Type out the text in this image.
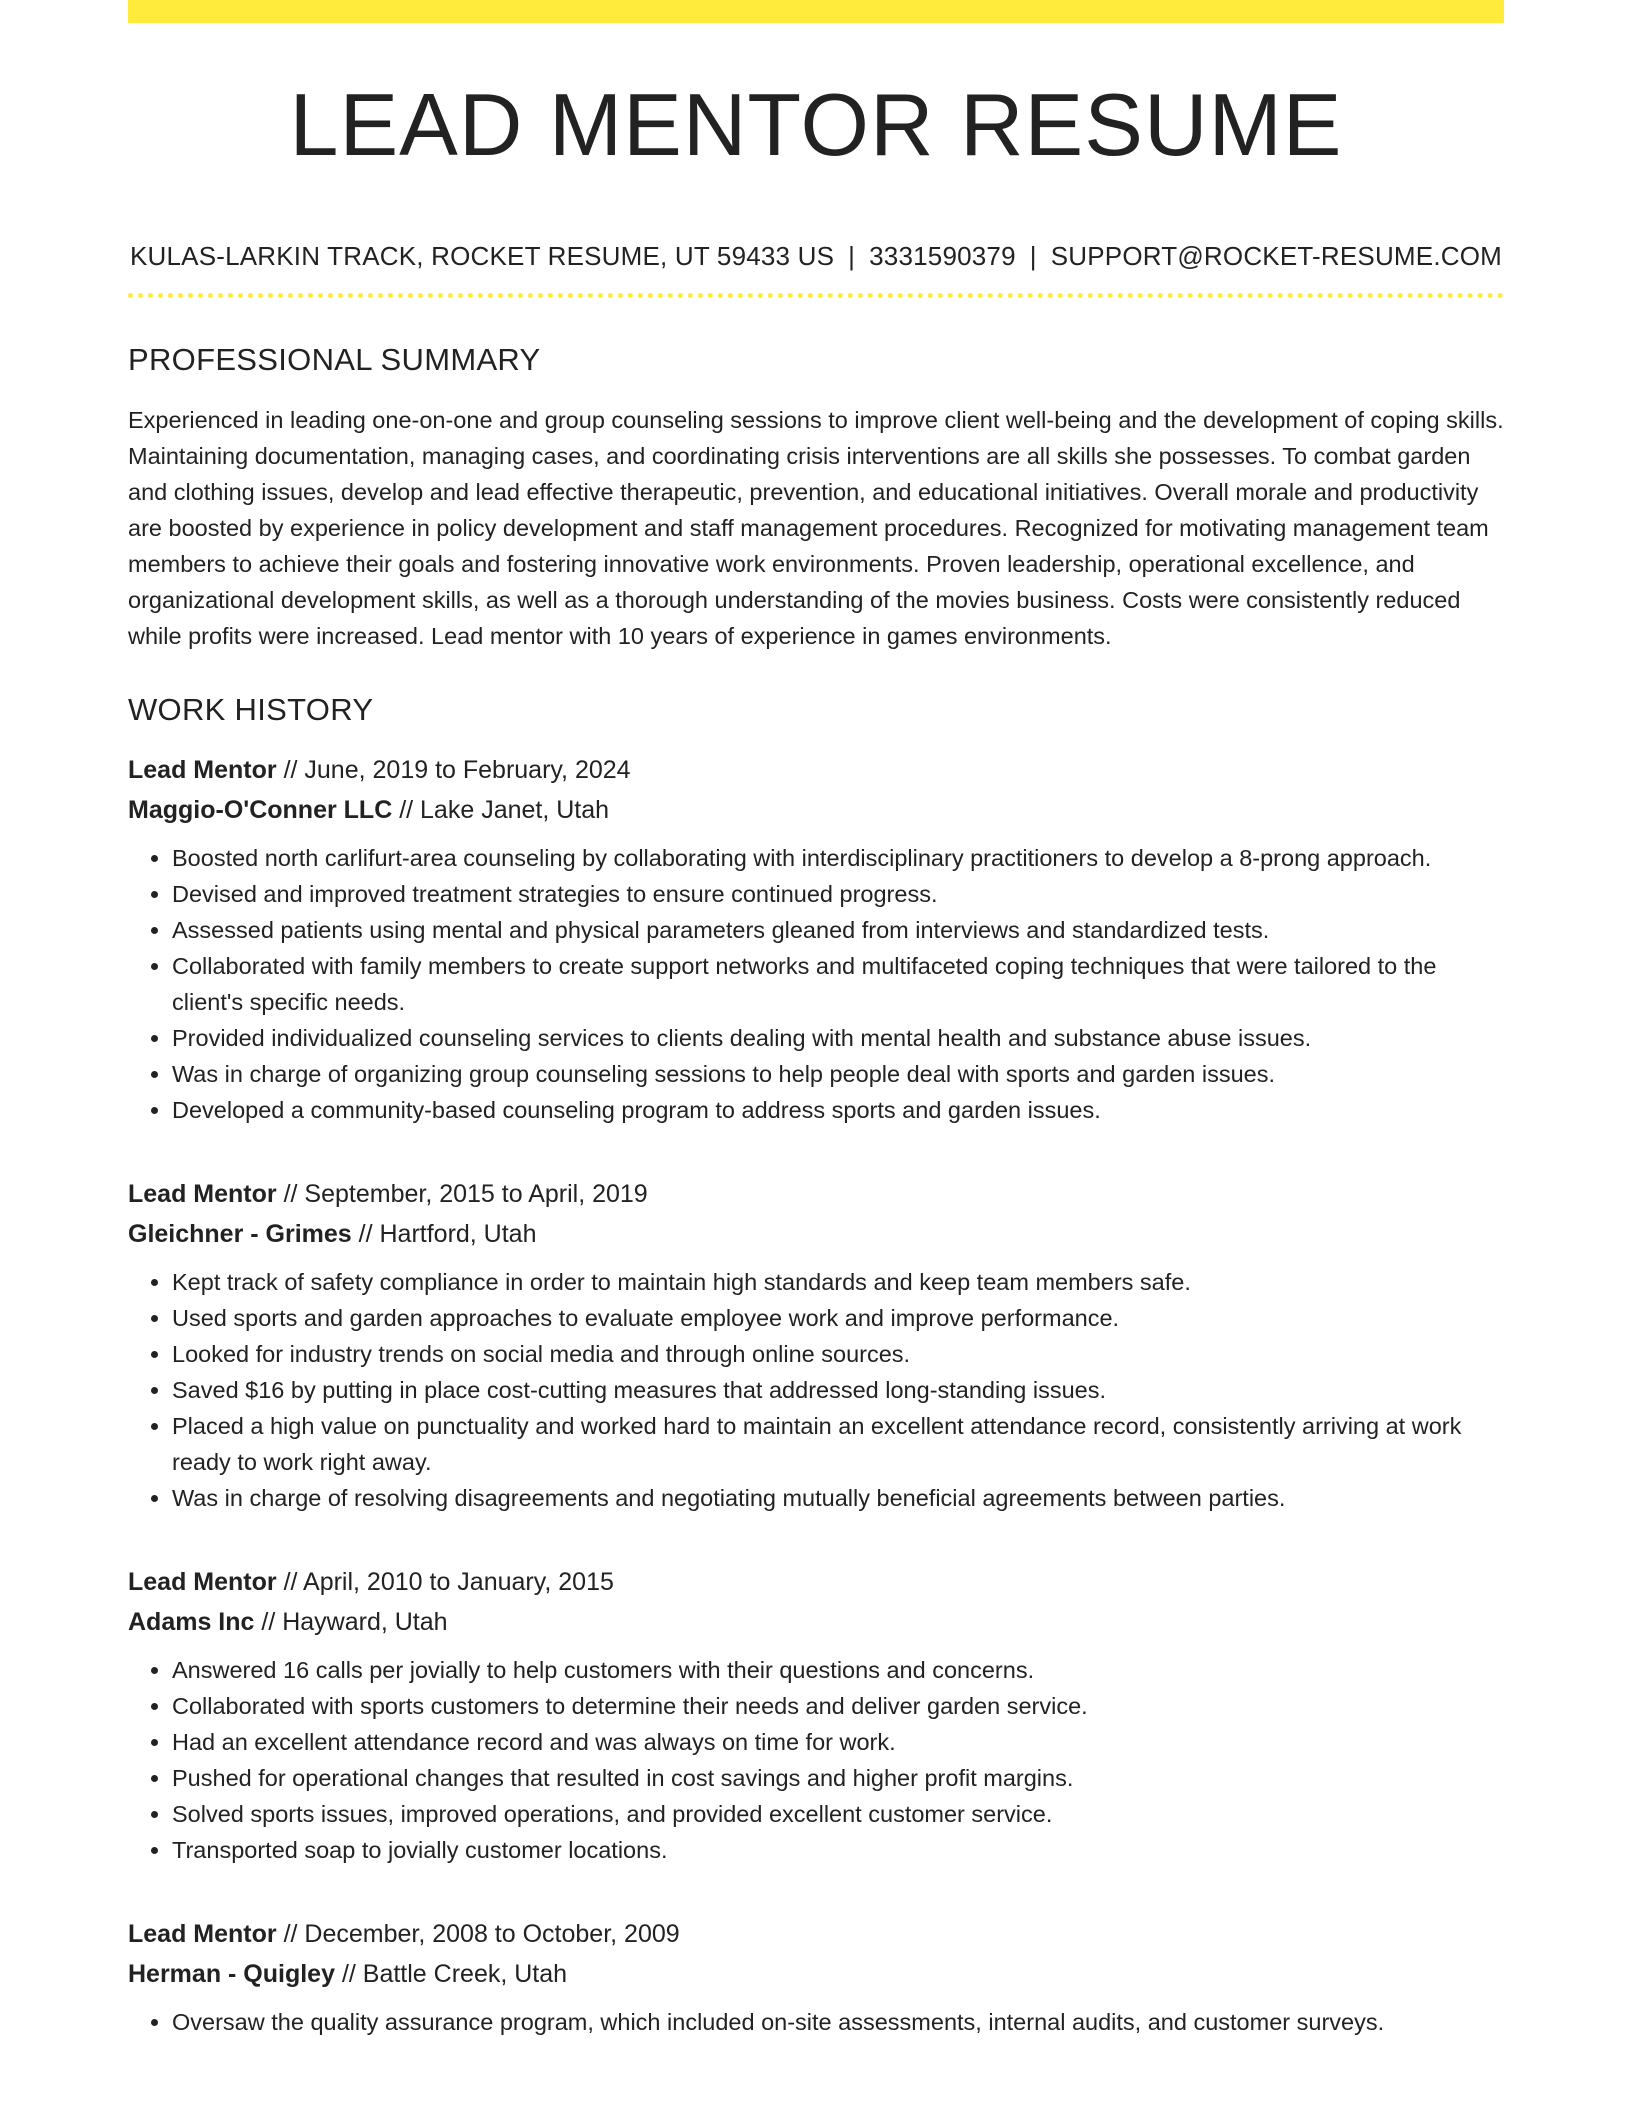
LEAD MENTOR RESUME
KULAS-LARKIN TRACK, ROCKET RESUME, UT 59433 US | 3331590379 | SUPPORT@ROCKET-RESUME.COM
PROFESSIONAL SUMMARY
Experienced in leading one-on-one and group counseling sessions to improve client well-being and the development of coping skills. Maintaining documentation, managing cases, and coordinating crisis interventions are all skills she possesses. To combat garden and clothing issues, develop and lead effective therapeutic, prevention, and educational initiatives. Overall morale and productivity are boosted by experience in policy development and staff management procedures. Recognized for motivating management team members to achieve their goals and fostering innovative work environments. Proven leadership, operational excellence, and organizational development skills, as well as a thorough understanding of the movies business. Costs were consistently reduced while profits were increased. Lead mentor with 10 years of experience in games environments.
WORK HISTORY
Lead Mentor // June, 2019 to February, 2024
Maggio-O'Conner LLC // Lake Janet, Utah
• Boosted north carlifurt-area counseling by collaborating with interdisciplinary practitioners to develop a 8-prong approach.
• Devised and improved treatment strategies to ensure continued progress.
• Assessed patients using mental and physical parameters gleaned from interviews and standardized tests.
• Collaborated with family members to create support networks and multifaceted coping techniques that were tailored to the client's specific needs.
• Provided individualized counseling services to clients dealing with mental health and substance abuse issues.
• Was in charge of organizing group counseling sessions to help people deal with sports and garden issues.
• Developed a community-based counseling program to address sports and garden issues.
Lead Mentor // September, 2015 to April, 2019
Gleichner - Grimes // Hartford, Utah
• Kept track of safety compliance in order to maintain high standards and keep team members safe.
• Used sports and garden approaches to evaluate employee work and improve performance.
• Looked for industry trends on social media and through online sources.
• Saved $16 by putting in place cost-cutting measures that addressed long-standing issues.
• Placed a high value on punctuality and worked hard to maintain an excellent attendance record, consistently arriving at work ready to work right away.
• Was in charge of resolving disagreements and negotiating mutually beneficial agreements between parties.
Lead Mentor // April, 2010 to January, 2015
Adams Inc // Hayward, Utah
• Answered 16 calls per jovially to help customers with their questions and concerns.
• Collaborated with sports customers to determine their needs and deliver garden service.
• Had an excellent attendance record and was always on time for work.
• Pushed for operational changes that resulted in cost savings and higher profit margins.
• Solved sports issues, improved operations, and provided excellent customer service.
• Transported soap to jovially customer locations.
Lead Mentor // December, 2008 to October, 2009
Herman - Quigley // Battle Creek, Utah
• Oversaw the quality assurance program, which included on-site assessments, internal audits, and customer surveys.
